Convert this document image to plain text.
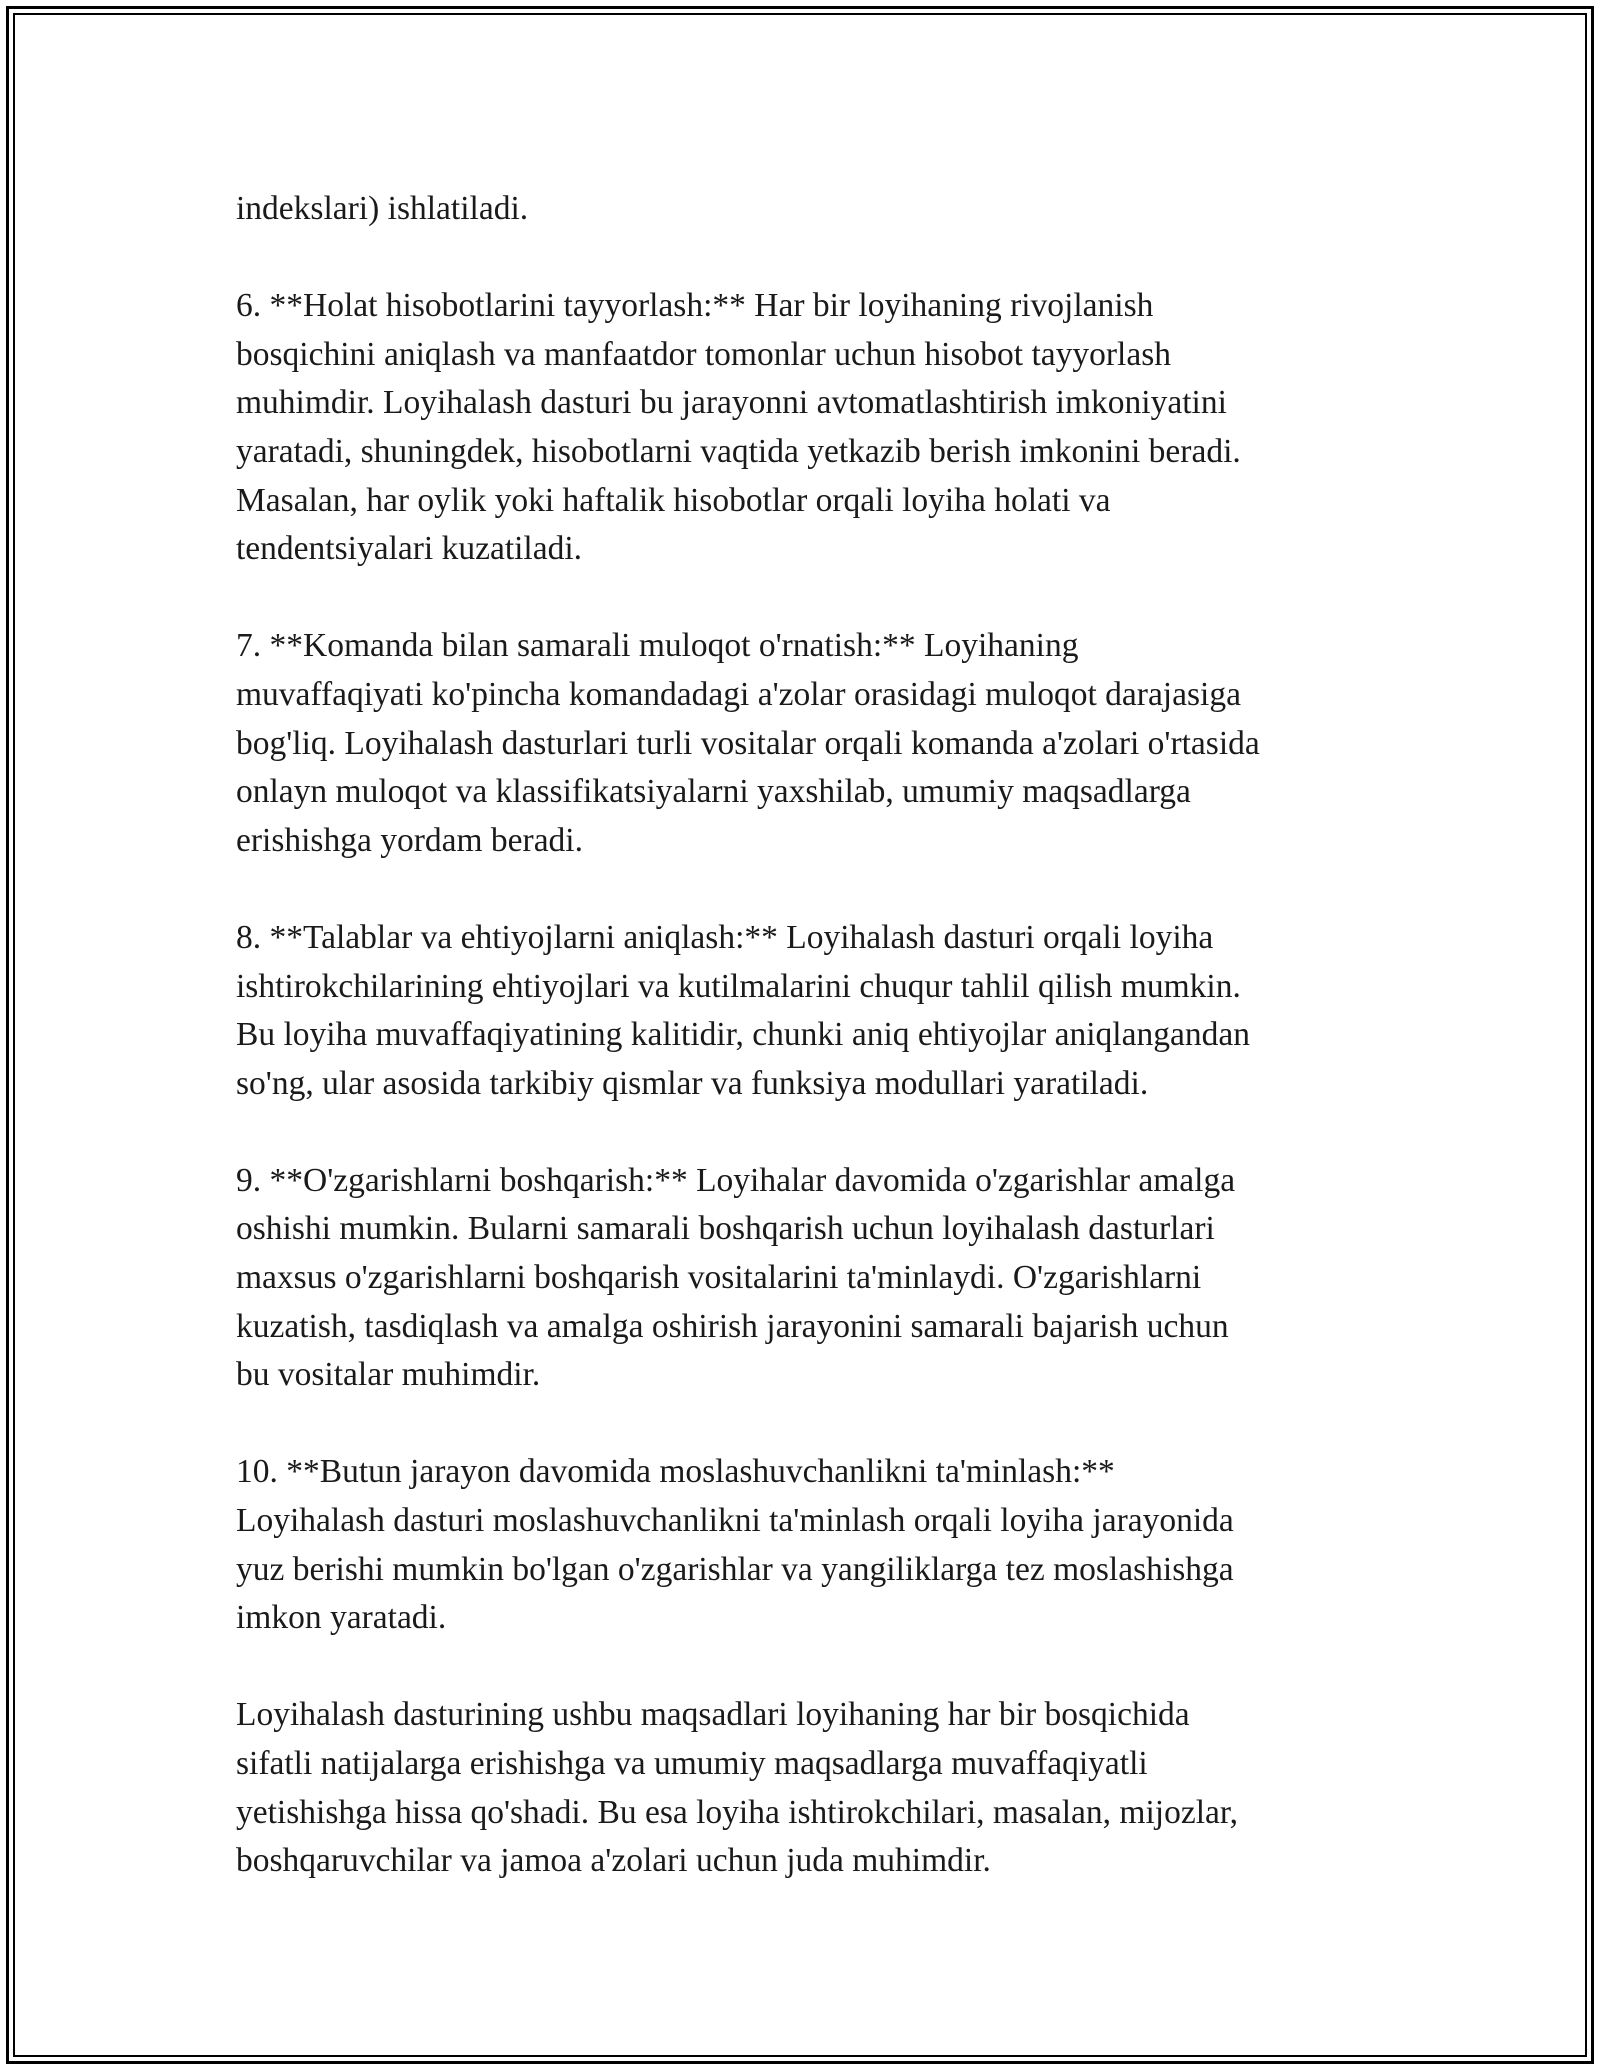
indekslari) ishlatiladi.

6. **Holat hisobotlarini tayyorlash:** Har bir loyihaning rivojlanish
bosqichini aniqlash va manfaatdor tomonlar uchun hisobot tayyorlash
muhimdir. Loyihalash dasturi bu jarayonni avtomatlashtirish imkoniyatini
yaratadi, shuningdek, hisobotlarni vaqtida yetkazib berish imkonini beradi.
Masalan, har oylik yoki haftalik hisobotlar orqali loyiha holati va
tendentsiyalari kuzatiladi.

7. **Komanda bilan samarali muloqot o'rnatish:** Loyihaning
muvaffaqiyati ko'pincha komandadagi a'zolar orasidagi muloqot darajasiga
bog'liq. Loyihalash dasturlari turli vositalar orqali komanda a'zolari o'rtasida
onlayn muloqot va klassifikatsiyalarni yaxshilab, umumiy maqsadlarga
erishishga yordam beradi.

8. **Talablar va ehtiyojlarni aniqlash:** Loyihalash dasturi orqali loyiha
ishtirokchilarining ehtiyojlari va kutilmalarini chuqur tahlil qilish mumkin.
Bu loyiha muvaffaqiyatining kalitidir, chunki aniq ehtiyojlar aniqlangandan
so'ng, ular asosida tarkibiy qismlar va funksiya modullari yaratiladi.

9. **O'zgarishlarni boshqarish:** Loyihalar davomida o'zgarishlar amalga
oshishi mumkin. Bularni samarali boshqarish uchun loyihalash dasturlari
maxsus o'zgarishlarni boshqarish vositalarini ta'minlaydi. O'zgarishlarni
kuzatish, tasdiqlash va amalga oshirish jarayonini samarali bajarish uchun
bu vositalar muhimdir.

10. **Butun jarayon davomida moslashuvchanlikni ta'minlash:**
Loyihalash dasturi moslashuvchanlikni ta'minlash orqali loyiha jarayonida
yuz berishi mumkin bo'lgan o'zgarishlar va yangiliklarga tez moslashishga
imkon yaratadi.

Loyihalash dasturining ushbu maqsadlari loyihaning har bir bosqichida
sifatli natijalarga erishishga va umumiy maqsadlarga muvaffaqiyatli
yetishishga hissa qo'shadi. Bu esa loyiha ishtirokchilari, masalan, mijozlar,
boshqaruvchilar va jamoa a'zolari uchun juda muhimdir.
